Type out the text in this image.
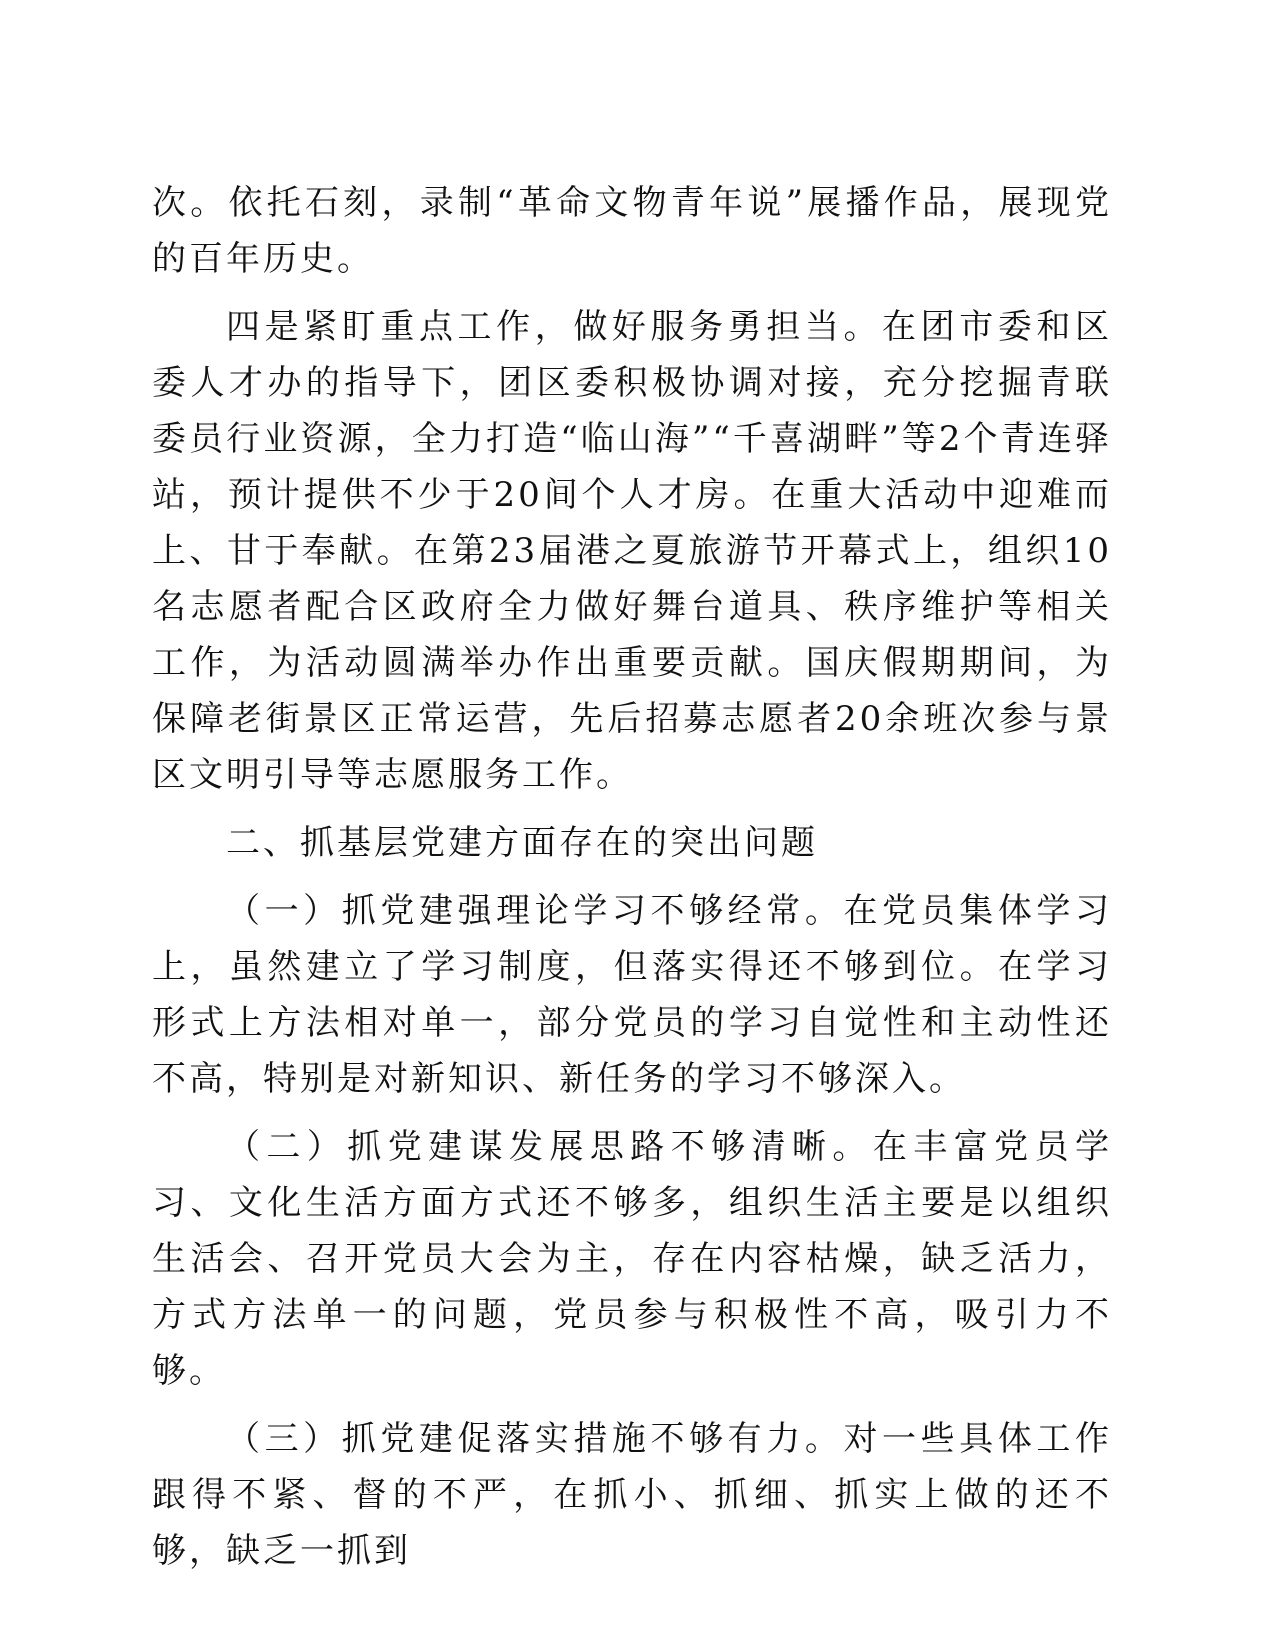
次。依托石刻，录制“革命文物青年说”展播作品，展现党的百年历史。

四是紧盯重点工作，做好服务勇担当。在团市委和区委人才办的指导下，团区委积极协调对接，充分挖掘青联委员行业资源，全力打造“临山海”“千喜湖畔”等2个青连驿站，预计提供不少于20间个人才房。在重大活动中迎难而上、甘于奉献。在第23届港之夏旅游节开幕式上，组织10名志愿者配合区政府全力做好舞台道具、秩序维护等相关工作，为活动圆满举办作出重要贡献。国庆假期期间，为保障老街景区正常运营，先后招募志愿者20余班次参与景区文明引导等志愿服务工作。

二、抓基层党建方面存在的突出问题

（一）抓党建强理论学习不够经常。在党员集体学习上，虽然建立了学习制度，但落实得还不够到位。在学习形式上方法相对单一，部分党员的学习自觉性和主动性还不高，特别是对新知识、新任务的学习不够深入。

（二）抓党建谋发展思路不够清晰。在丰富党员学习、文化生活方面方式还不够多，组织生活主要是以组织生活会、召开党员大会为主，存在内容枯燥，缺乏活力，方式方法单一的问题，党员参与积极性不高，吸引力不够。

（三）抓党建促落实措施不够有力。对一些具体工作跟得不紧、督的不严，在抓小、抓细、抓实上做的还不够，缺乏一抓到
